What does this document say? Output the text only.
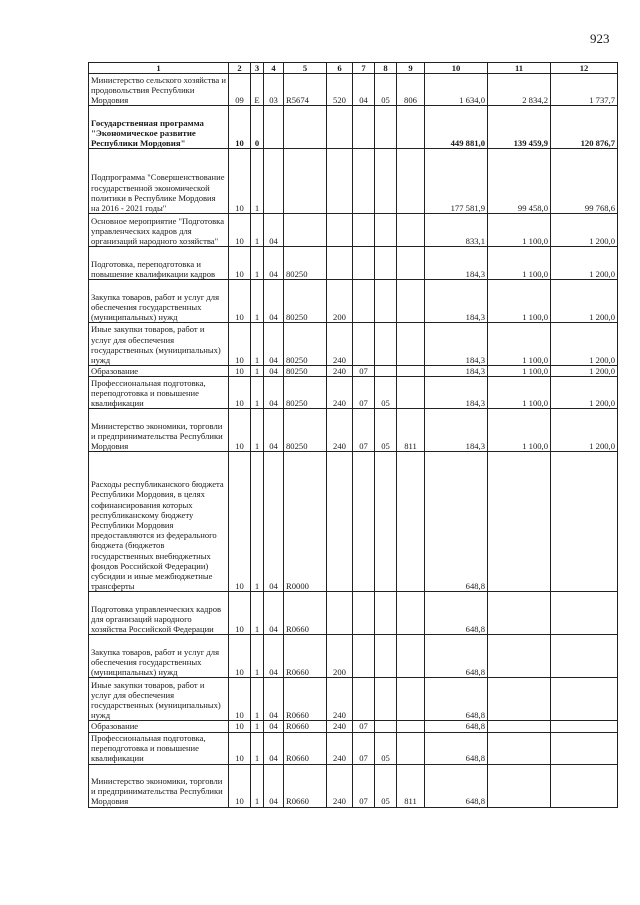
923
1	2	3	4	5	6	7	8	9	10	11	12
Министерство сельского хозяйства и продовольствия Республики Мордовия	09	E	03	R5674	520	04	05	806	1 634,0	2 834,2	1 737,7
Государственная программа "Экономическое развитие Республики Мордовия"	10	0							449 881,0	139 459,9	120 876,7
Подпрограмма "Совершенствование государственной экономической политики в Республике Мордовия на 2016 - 2021 годы"	10	1							177 581,9	99 458,0	99 768,6
Основное мероприятие "Подготовка управленческих кадров для организаций народного хозяйства"	10	1	04						833,1	1 100,0	1 200,0
Подготовка, переподготовка и повышение квалификации кадров	10	1	04	80250					184,3	1 100,0	1 200,0
Закупка товаров, работ и услуг для обеспечения государственных (муниципальных) нужд	10	1	04	80250	200				184,3	1 100,0	1 200,0
Иные закупки товаров, работ и услуг для обеспечения государственных (муниципальных) нужд	10	1	04	80250	240				184,3	1 100,0	1 200,0
Образование	10	1	04	80250	240	07			184,3	1 100,0	1 200,0
Профессиональная подготовка, переподготовка и повышение квалификации	10	1	04	80250	240	07	05		184,3	1 100,0	1 200,0
Министерство экономики, торговли и предпринимательства Республики Мордовия	10	1	04	80250	240	07	05	811	184,3	1 100,0	1 200,0
Расходы республиканского бюджета Республики Мордовия, в целях софинансирования которых республиканскому бюджету Республики Мордовия предоставляются из федерального бюджета (бюджетов государственных внебюджетных фондов Российской Федерации) субсидии и иные межбюджетные трансферты	10	1	04	R0000					648,8		
Подготовка управленческих кадров для организаций народного хозяйства Российской Федерации	10	1	04	R0660					648,8		
Закупка товаров, работ и услуг для обеспечения государственных (муниципальных) нужд	10	1	04	R0660	200				648,8		
Иные закупки товаров, работ и услуг для обеспечения государственных (муниципальных) нужд	10	1	04	R0660	240				648,8		
Образование	10	1	04	R0660	240	07			648,8		
Профессиональная подготовка, переподготовка и повышение квалификации	10	1	04	R0660	240	07	05		648,8		
Министерство экономики, торговли и предпринимательства Республики Мордовия	10	1	04	R0660	240	07	05	811	648,8		
